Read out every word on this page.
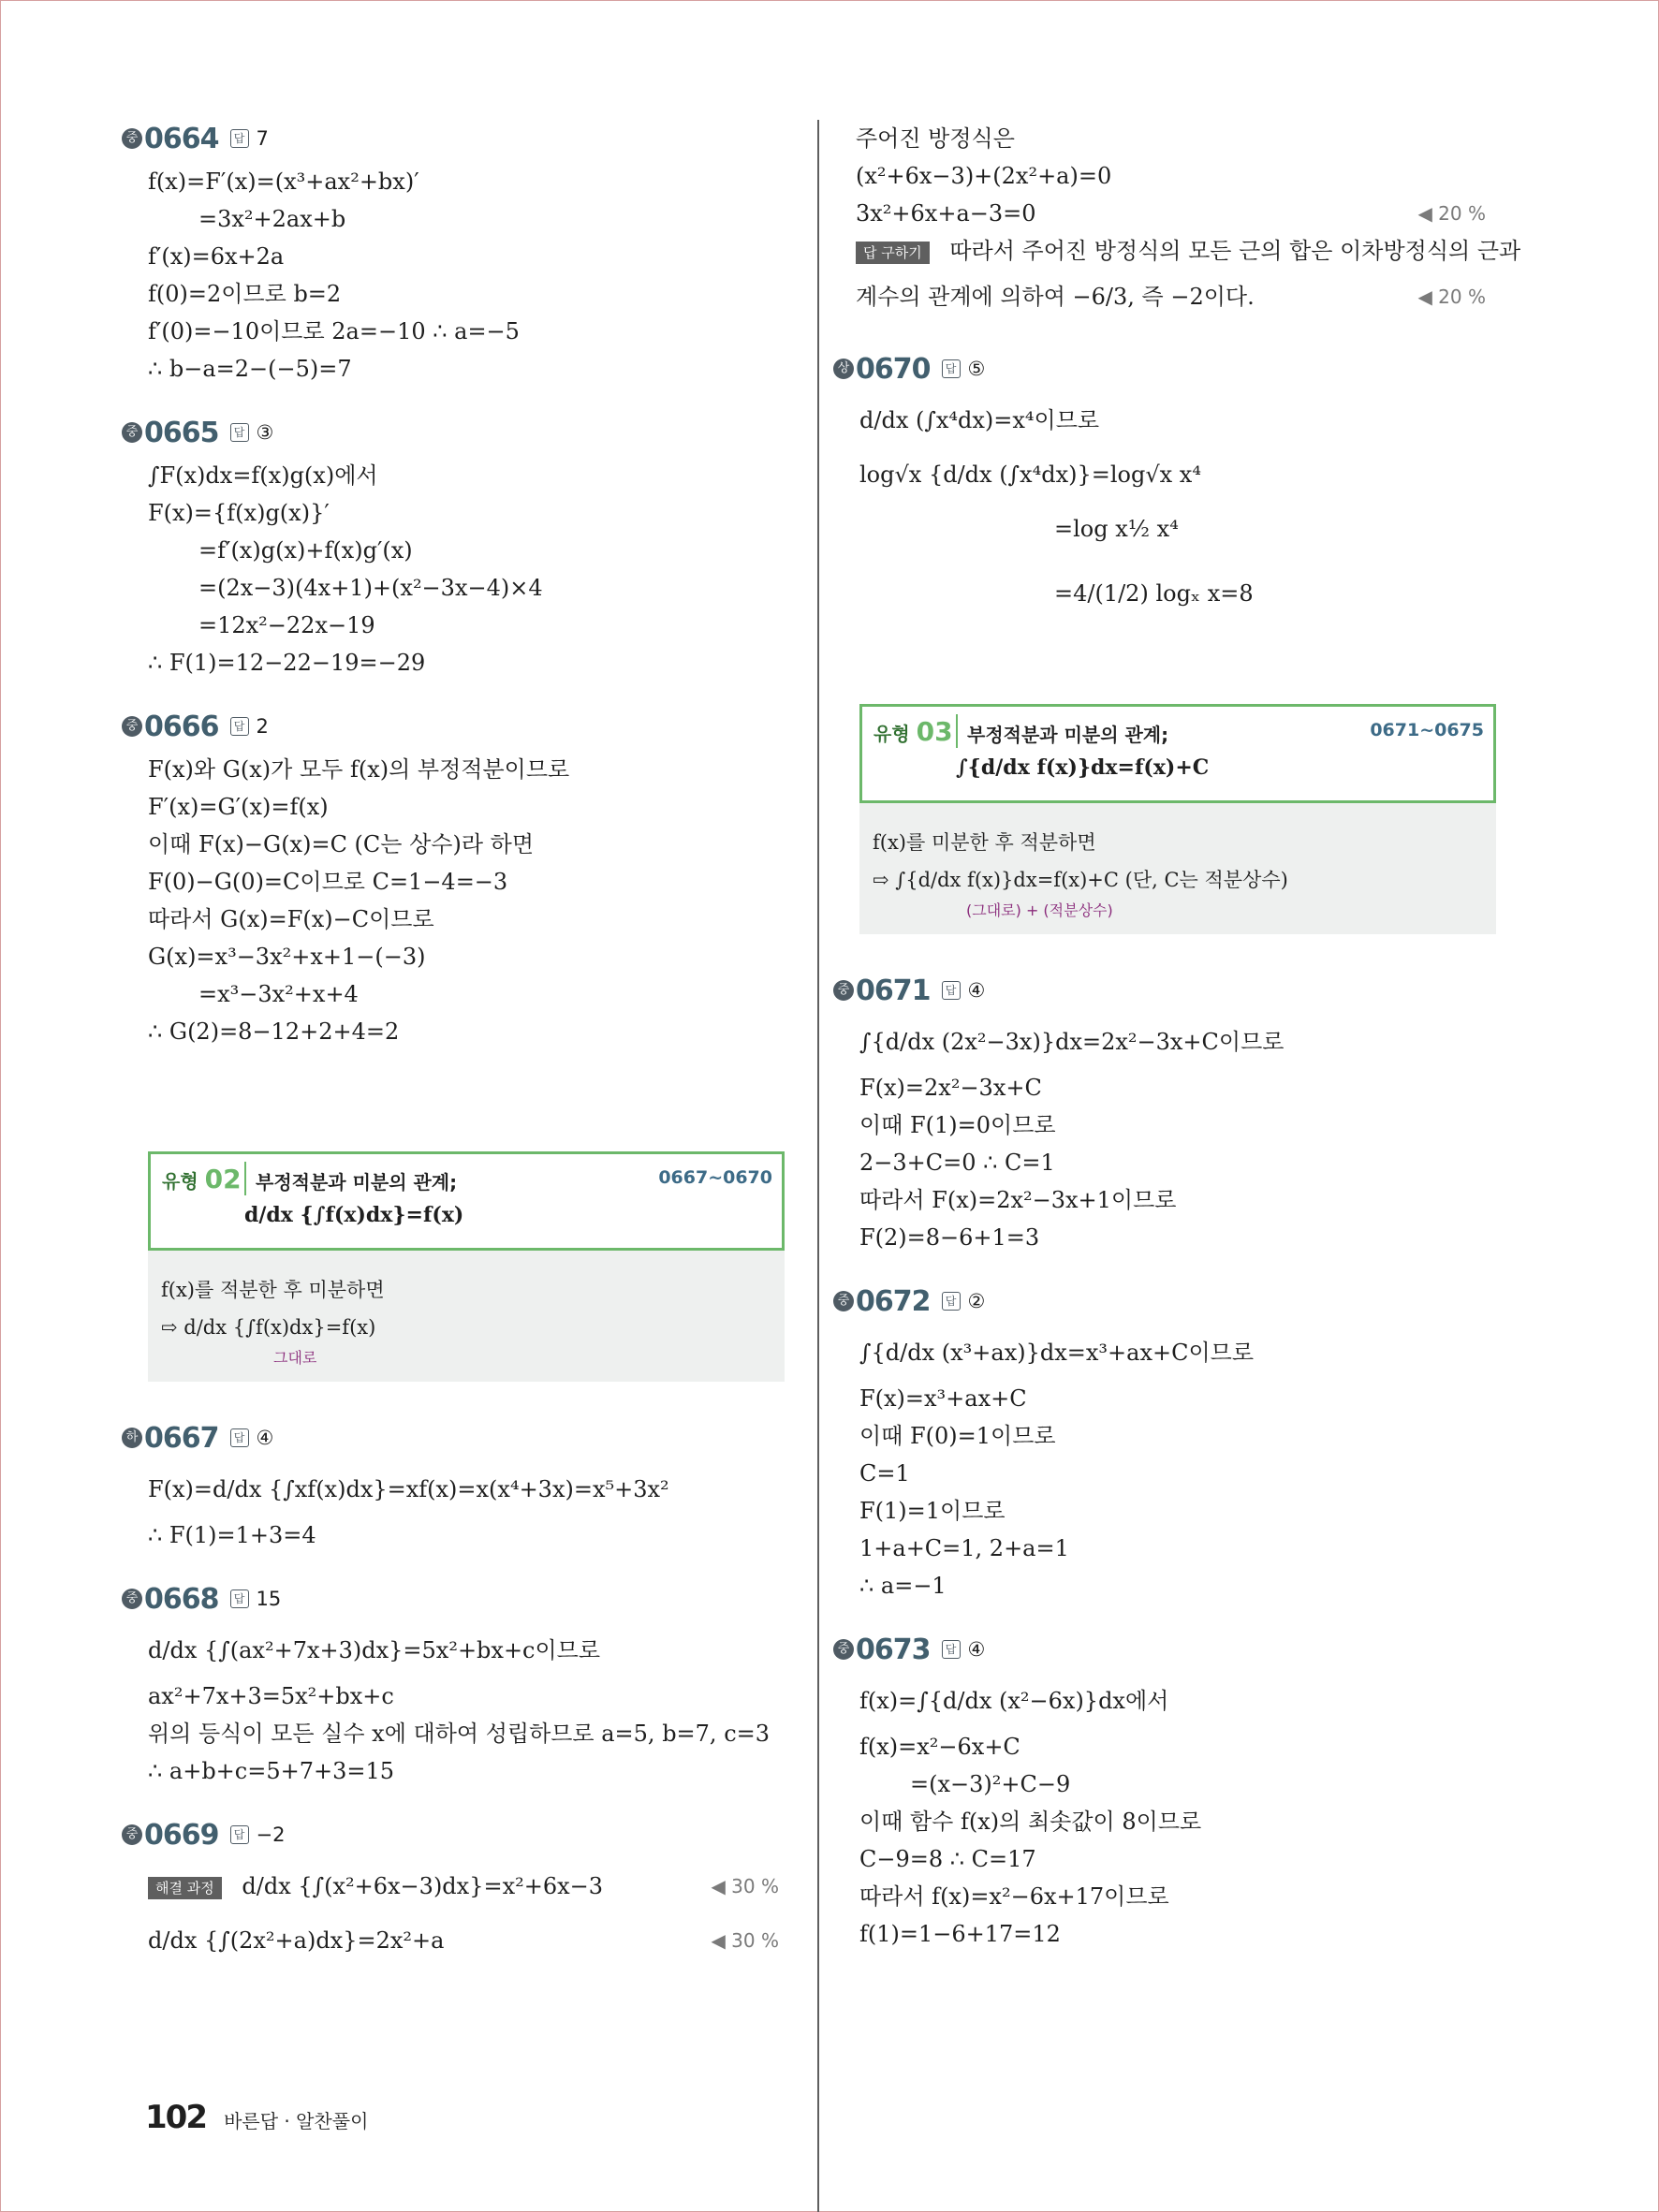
중 0664	답 7
f(x)=F′(x)=(x³+ax²+bx)′
=3x²+2ax+b
f′(x)=6x+2a
f(0)=2이므로 b=2
f′(0)=−10이므로 2a=−10 ∴ a=−5
∴ b−a=2−(−5)=7
중 0665	답 ③
∫F(x)dx=f(x)g(x)에서
F(x)={f(x)g(x)}′
=f′(x)g(x)+f(x)g′(x)
=(2x−3)(4x+1)+(x²−3x−4)×4
=12x²−22x−19
∴ F(1)=12−22−19=−29
중 0666	답 2
F(x)와 G(x)가 모두 f(x)의 부정적분이므로
F′(x)=G′(x)=f(x)
이때 F(x)−G(x)=C (C는 상수)라 하면
F(0)−G(0)=C이므로 C=1−4=−3
따라서 G(x)=F(x)−C이므로
G(x)=x³−3x²+x+1−(−3)
=x³−3x²+x+4
∴ G(2)=8−12+2+4=2
유형 02 부정적분과 미분의 관계;	0667~0670
d/dx {∫f(x)dx}=f(x)
f(x)를 적분한 후 미분하면
⇨ d/dx {∫f(x)dx}=f(x)
그대로
하 0667	답 ④
F(x)=d/dx {∫xf(x)dx}=xf(x)=x(x⁴+3x)=x⁵+3x²
∴ F(1)=1+3=4
중 0668	답 15
d/dx {∫(ax²+7x+3)dx}=5x²+bx+c이므로
ax²+7x+3=5x²+bx+c
위의 등식이 모든 실수 x에 대하여 성립하므로 a=5, b=7, c=3
∴ a+b+c=5+7+3=15
중 0669	답 −2
해결 과정 d/dx {∫(x²+6x−3)dx}=x²+6x−3	◀ 30 %
d/dx {∫(2x²+a)dx}=2x²+a	◀ 30 %
주어진 방정식은
(x²+6x−3)+(2x²+a)=0
3x²+6x+a−3=0	◀ 20 %
답 구하기 따라서 주어진 방정식의 모든 근의 합은 이차방정식의 근과
계수의 관계에 의하여 −6/3, 즉 −2이다.	◀ 20 %
상 0670	답 ⑤
d/dx (∫x⁴dx)=x⁴이므로
log√x {d/dx (∫x⁴dx)}=log√x x⁴
=log x½ x⁴
=4/(1/2) logₓ x=8
유형 03 부정적분과 미분의 관계;	0671~0675
∫{d/dx f(x)}dx=f(x)+C
f(x)를 미분한 후 적분하면
⇨ ∫{d/dx f(x)}dx=f(x)+C (단, C는 적분상수)
(그대로) + (적분상수)
중 0671	답 ④
∫{d/dx (2x²−3x)}dx=2x²−3x+C이므로
F(x)=2x²−3x+C
이때 F(1)=0이므로
2−3+C=0 ∴ C=1
따라서 F(x)=2x²−3x+1이므로
F(2)=8−6+1=3
중 0672	답 ②
∫{d/dx (x³+ax)}dx=x³+ax+C이므로
F(x)=x³+ax+C
이때 F(0)=1이므로
C=1
F(1)=1이므로
1+a+C=1, 2+a=1
∴ a=−1
중 0673	답 ④
f(x)=∫{d/dx (x²−6x)}dx에서
f(x)=x²−6x+C
=(x−3)²+C−9
이때 함수 f(x)의 최솟값이 8이므로
C−9=8 ∴ C=17
따라서 f(x)=x²−6x+17이므로
f(1)=1−6+17=12
102 바른답 · 알찬풀이
